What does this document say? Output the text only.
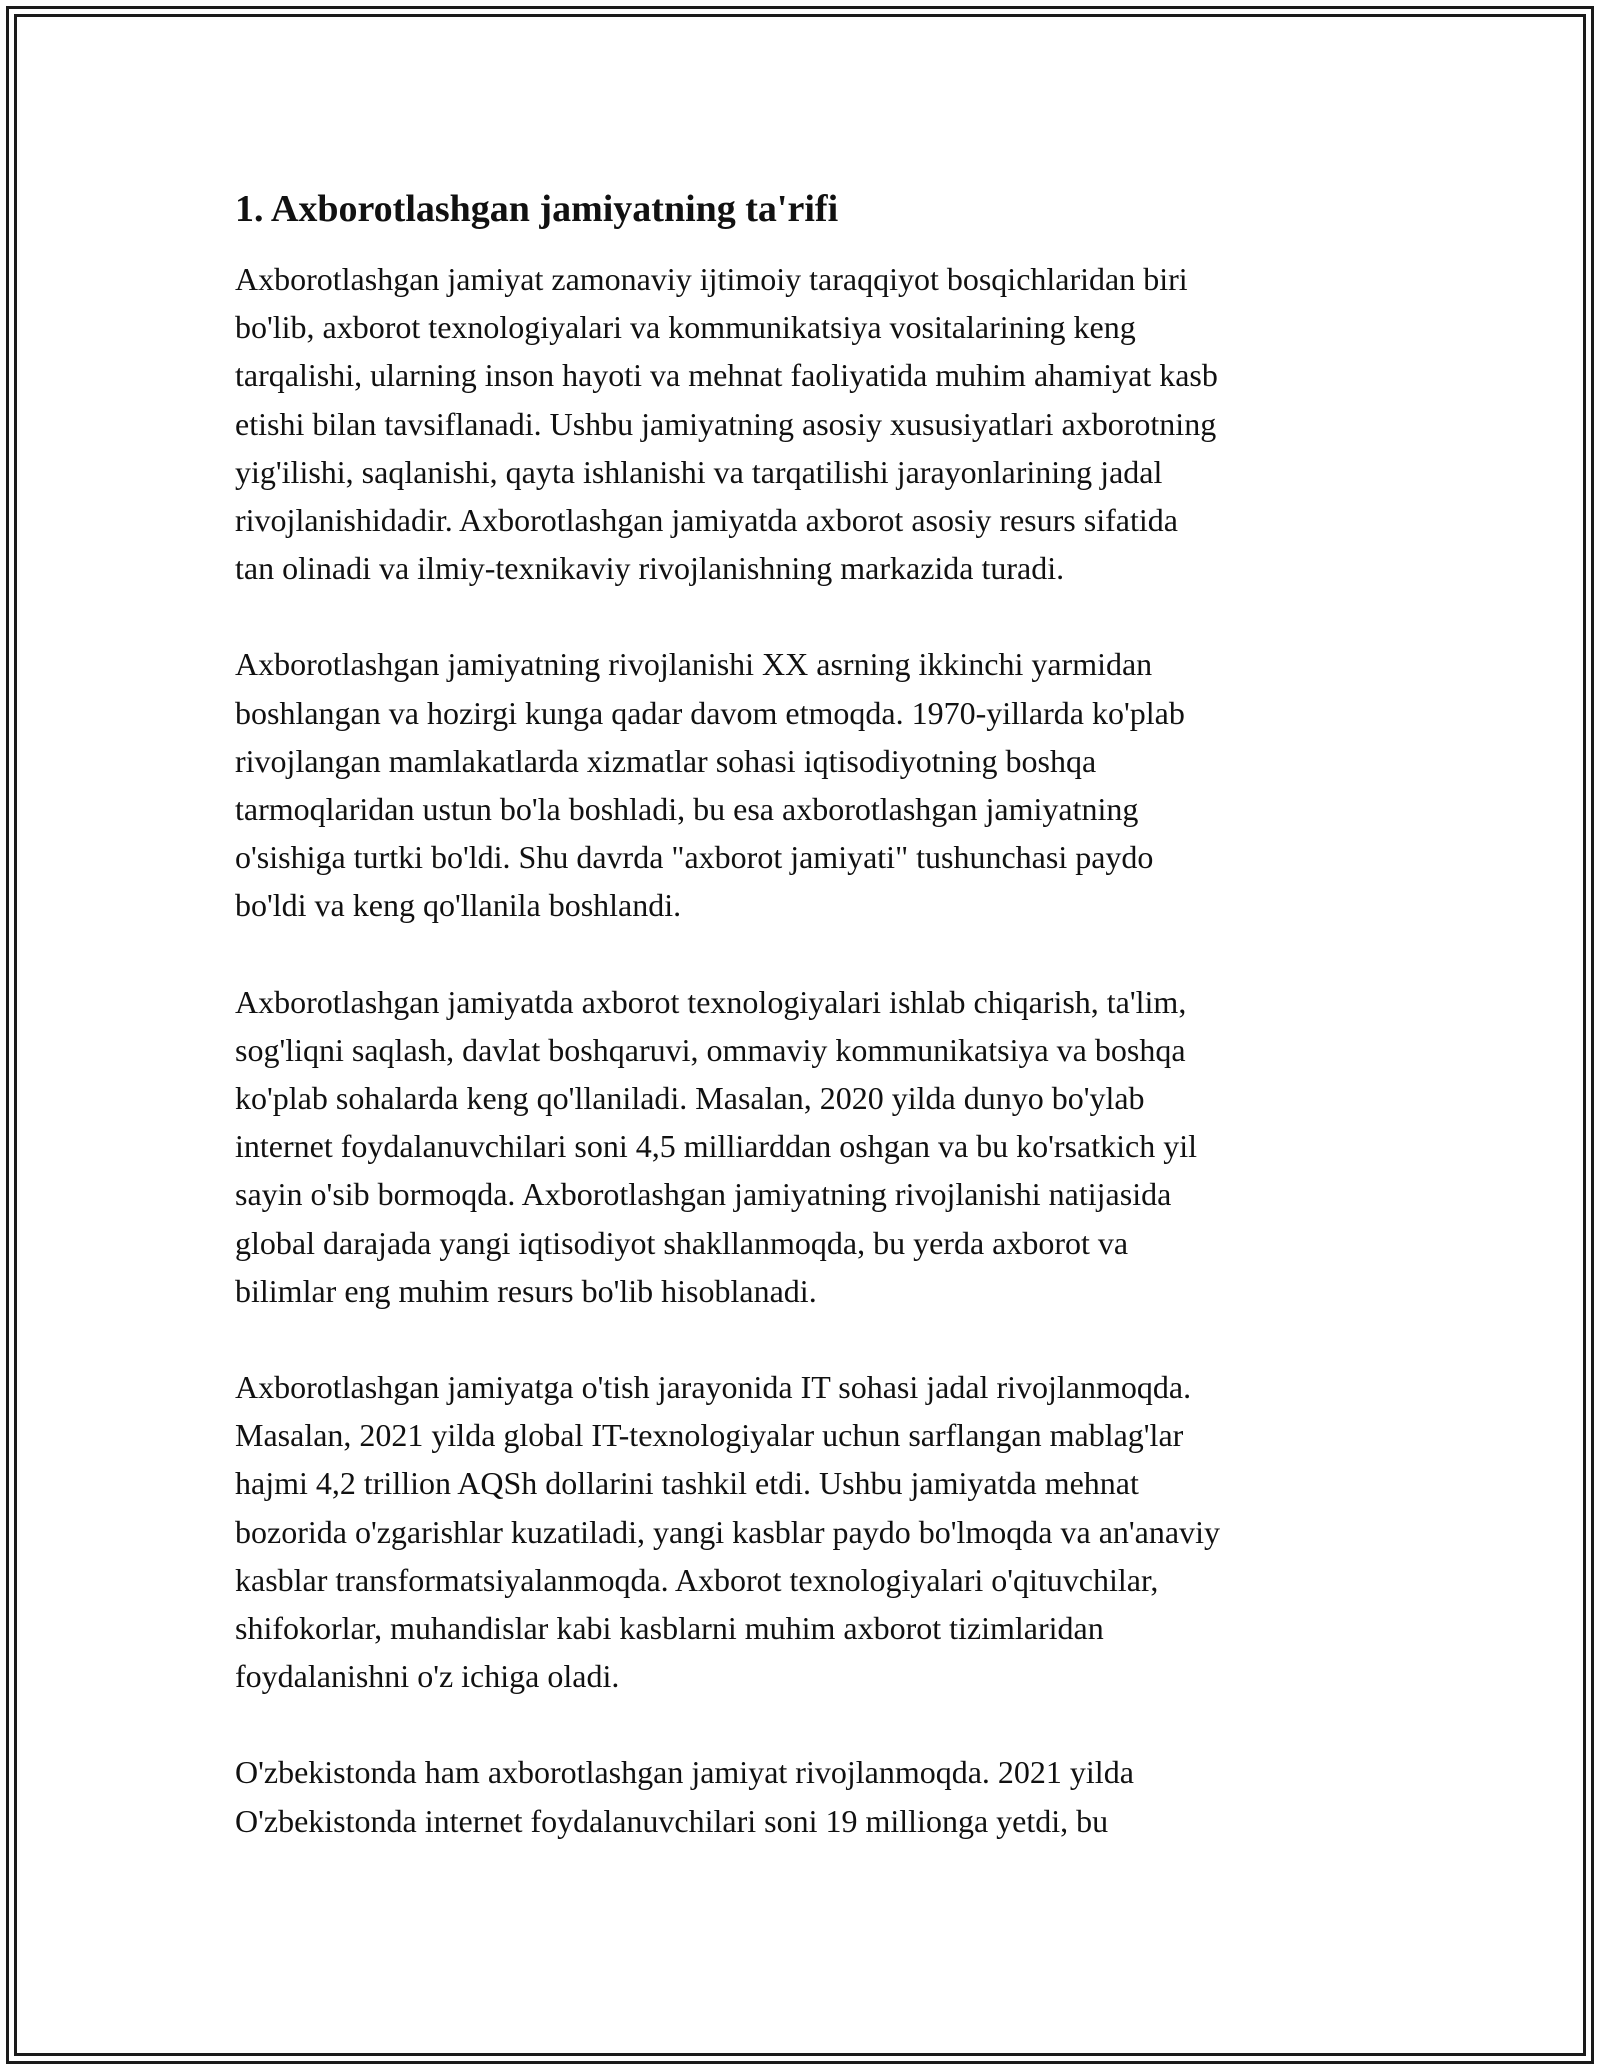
1. Axborotlashgan jamiyatning ta'rifi

Axborotlashgan jamiyat zamonaviy ijtimoiy taraqqiyot bosqichlaridan biri
bo'lib, axborot texnologiyalari va kommunikatsiya vositalarining keng
tarqalishi, ularning inson hayoti va mehnat faoliyatida muhim ahamiyat kasb
etishi bilan tavsiflanadi. Ushbu jamiyatning asosiy xususiyatlari axborotning
yig'ilishi, saqlanishi, qayta ishlanishi va tarqatilishi jarayonlarining jadal
rivojlanishidadir. Axborotlashgan jamiyatda axborot asosiy resurs sifatida
tan olinadi va ilmiy-texnikaviy rivojlanishning markazida turadi.

Axborotlashgan jamiyatning rivojlanishi XX asrning ikkinchi yarmidan
boshlangan va hozirgi kunga qadar davom etmoqda. 1970-yillarda ko'plab
rivojlangan mamlakatlarda xizmatlar sohasi iqtisodiyotning boshqa
tarmoqlaridan ustun bo'la boshladi, bu esa axborotlashgan jamiyatning
o'sishiga turtki bo'ldi. Shu davrda "axborot jamiyati" tushunchasi paydo
bo'ldi va keng qo'llanila boshlandi.

Axborotlashgan jamiyatda axborot texnologiyalari ishlab chiqarish, ta'lim,
sog'liqni saqlash, davlat boshqaruvi, ommaviy kommunikatsiya va boshqa
ko'plab sohalarda keng qo'llaniladi. Masalan, 2020 yilda dunyo bo'ylab
internet foydalanuvchilari soni 4,5 milliarddan oshgan va bu ko'rsatkich yil
sayin o'sib bormoqda. Axborotlashgan jamiyatning rivojlanishi natijasida
global darajada yangi iqtisodiyot shakllanmoqda, bu yerda axborot va
bilimlar eng muhim resurs bo'lib hisoblanadi.

Axborotlashgan jamiyatga o'tish jarayonida IT sohasi jadal rivojlanmoqda.
Masalan, 2021 yilda global IT-texnologiyalar uchun sarflangan mablag'lar
hajmi 4,2 trillion AQSh dollarini tashkil etdi. Ushbu jamiyatda mehnat
bozorida o'zgarishlar kuzatiladi, yangi kasblar paydo bo'lmoqda va an'anaviy
kasblar transformatsiyalanmoqda. Axborot texnologiyalari o'qituvchilar,
shifokorlar, muhandislar kabi kasblarni muhim axborot tizimlaridan
foydalanishni o'z ichiga oladi.

O'zbekistonda ham axborotlashgan jamiyat rivojlanmoqda. 2021 yilda
O'zbekistonda internet foydalanuvchilari soni 19 millionga yetdi, bu
